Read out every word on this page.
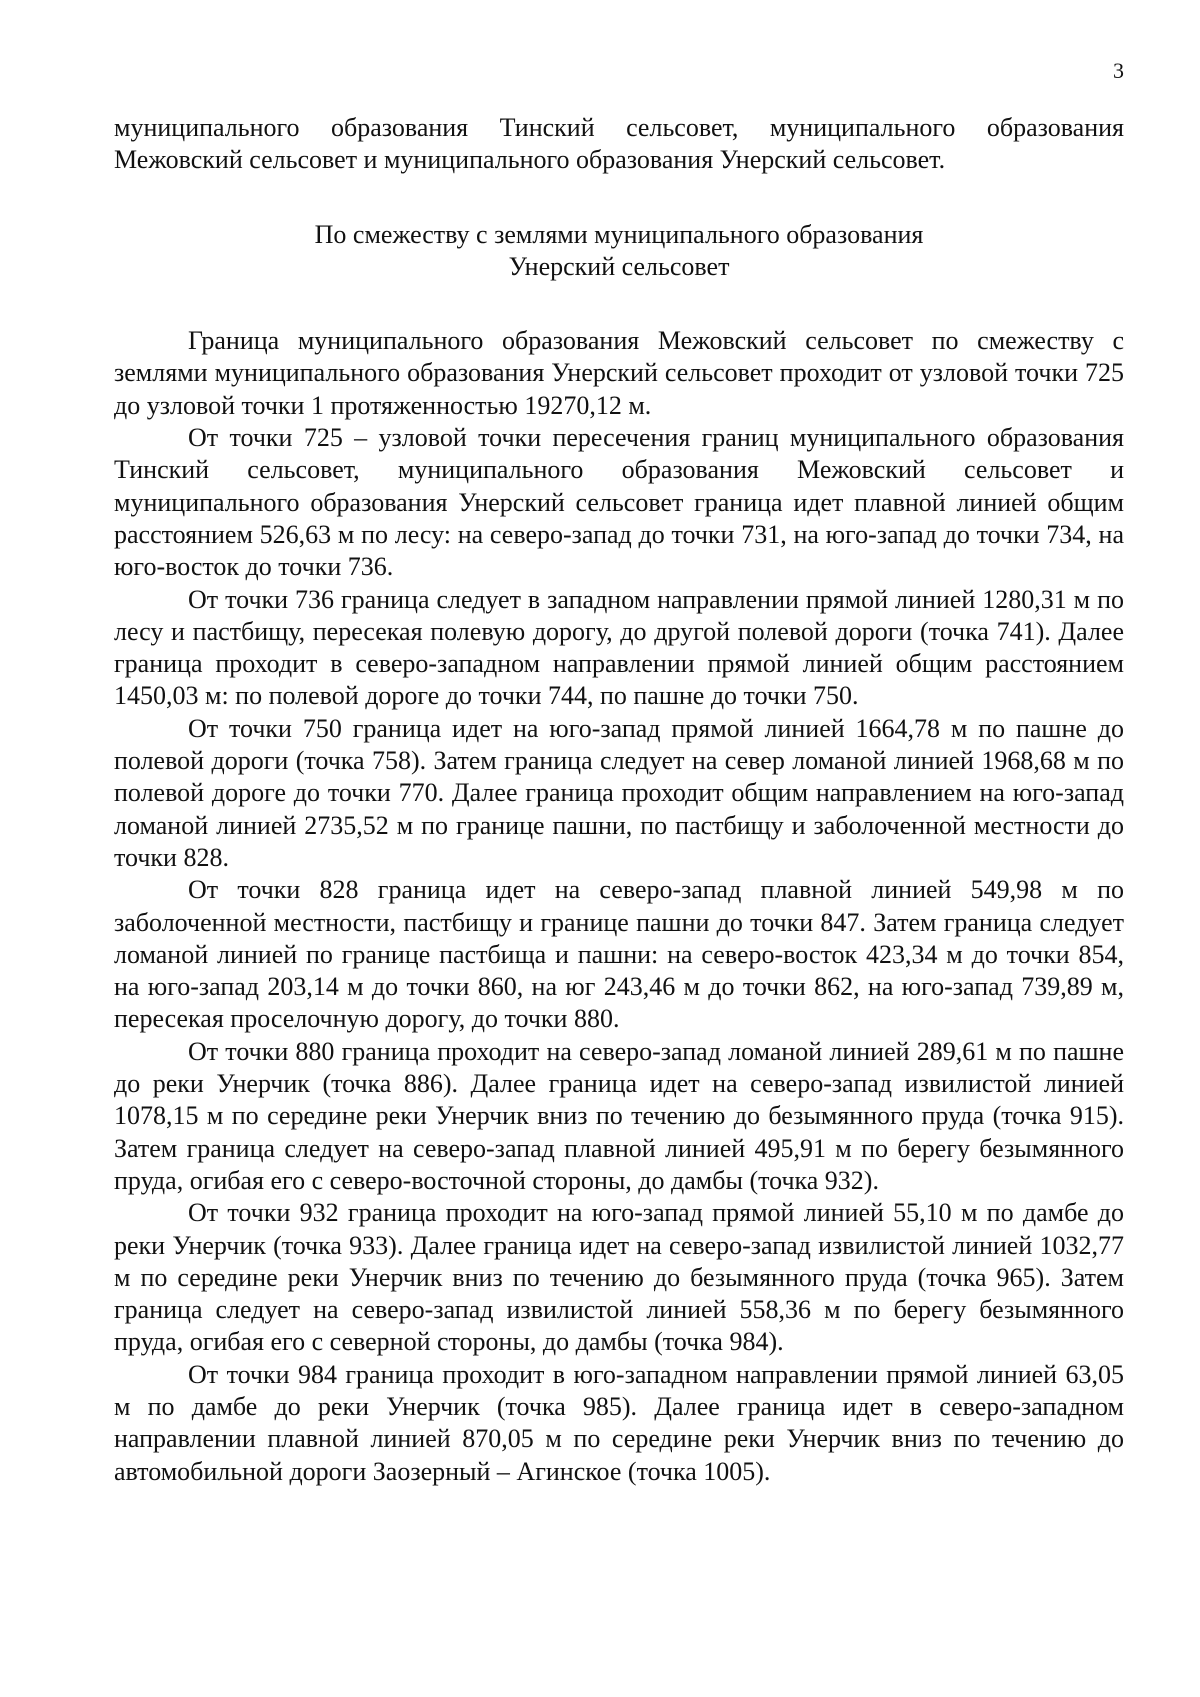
3

муниципального образования Тинский сельсовет, муниципального образования Межовский сельсовет и муниципального образования Унерский сельсовет.

По смежеству с землями муниципального образования
Унерский сельсовет

Граница муниципального образования Межовский сельсовет по смежеству с землями муниципального образования Унерский сельсовет проходит от узловой точки 725 до узловой точки 1 протяженностью 19270,12 м.

От точки 725 – узловой точки пересечения границ муниципального образования Тинский сельсовет, муниципального образования Межовский сельсовет и муниципального образования Унерский сельсовет граница идет плавной линией общим расстоянием 526,63 м по лесу: на северо-запад до точки 731, на юго-запад до точки 734, на юго-восток до точки 736.

От точки 736 граница следует в западном направлении прямой линией 1280,31 м по лесу и пастбищу, пересекая полевую дорогу, до другой полевой дороги (точка 741). Далее граница проходит в северо-западном направлении прямой линией общим расстоянием 1450,03 м: по полевой дороге до точки 744, по пашне до точки 750.

От точки 750 граница идет на юго-запад прямой линией 1664,78 м по пашне до полевой дороги (точка 758). Затем граница следует на север ломаной линией 1968,68 м по полевой дороге до точки 770. Далее граница проходит общим направлением на юго-запад ломаной линией 2735,52 м по границе пашни, по пастбищу и заболоченной местности до точки 828.

От точки 828 граница идет на северо-запад плавной линией 549,98 м по заболоченной местности, пастбищу и границе пашни до точки 847. Затем граница следует ломаной линией по границе пастбища и пашни: на северо-восток 423,34 м до точки 854, на юго-запад 203,14 м до точки 860, на юг 243,46 м до точки 862, на юго-запад 739,89 м, пересекая проселочную дорогу, до точки 880.

От точки 880 граница проходит на северо-запад ломаной линией 289,61 м по пашне до реки Унерчик (точка 886). Далее граница идет на северо-запад извилистой линией 1078,15 м по середине реки Унерчик вниз по течению до безымянного пруда (точка 915). Затем граница следует на северо-запад плавной линией 495,91 м по берегу безымянного пруда, огибая его с северо-восточной стороны, до дамбы (точка 932).

От точки 932 граница проходит на юго-запад прямой линией 55,10 м по дамбе до реки Унерчик (точка 933). Далее граница идет на северо-запад извилистой линией 1032,77 м по середине реки Унерчик вниз по течению до безымянного пруда (точка 965). Затем граница следует на северо-запад извилистой линией 558,36 м по берегу безымянного пруда, огибая его с северной стороны, до дамбы (точка 984).

От точки 984 граница проходит в юго-западном направлении прямой линией 63,05 м по дамбе до реки Унерчик (точка 985). Далее граница идет в северо-западном направлении плавной линией 870,05 м по середине реки Унерчик вниз по течению до автомобильной дороги Заозерный – Агинское (точка 1005).
